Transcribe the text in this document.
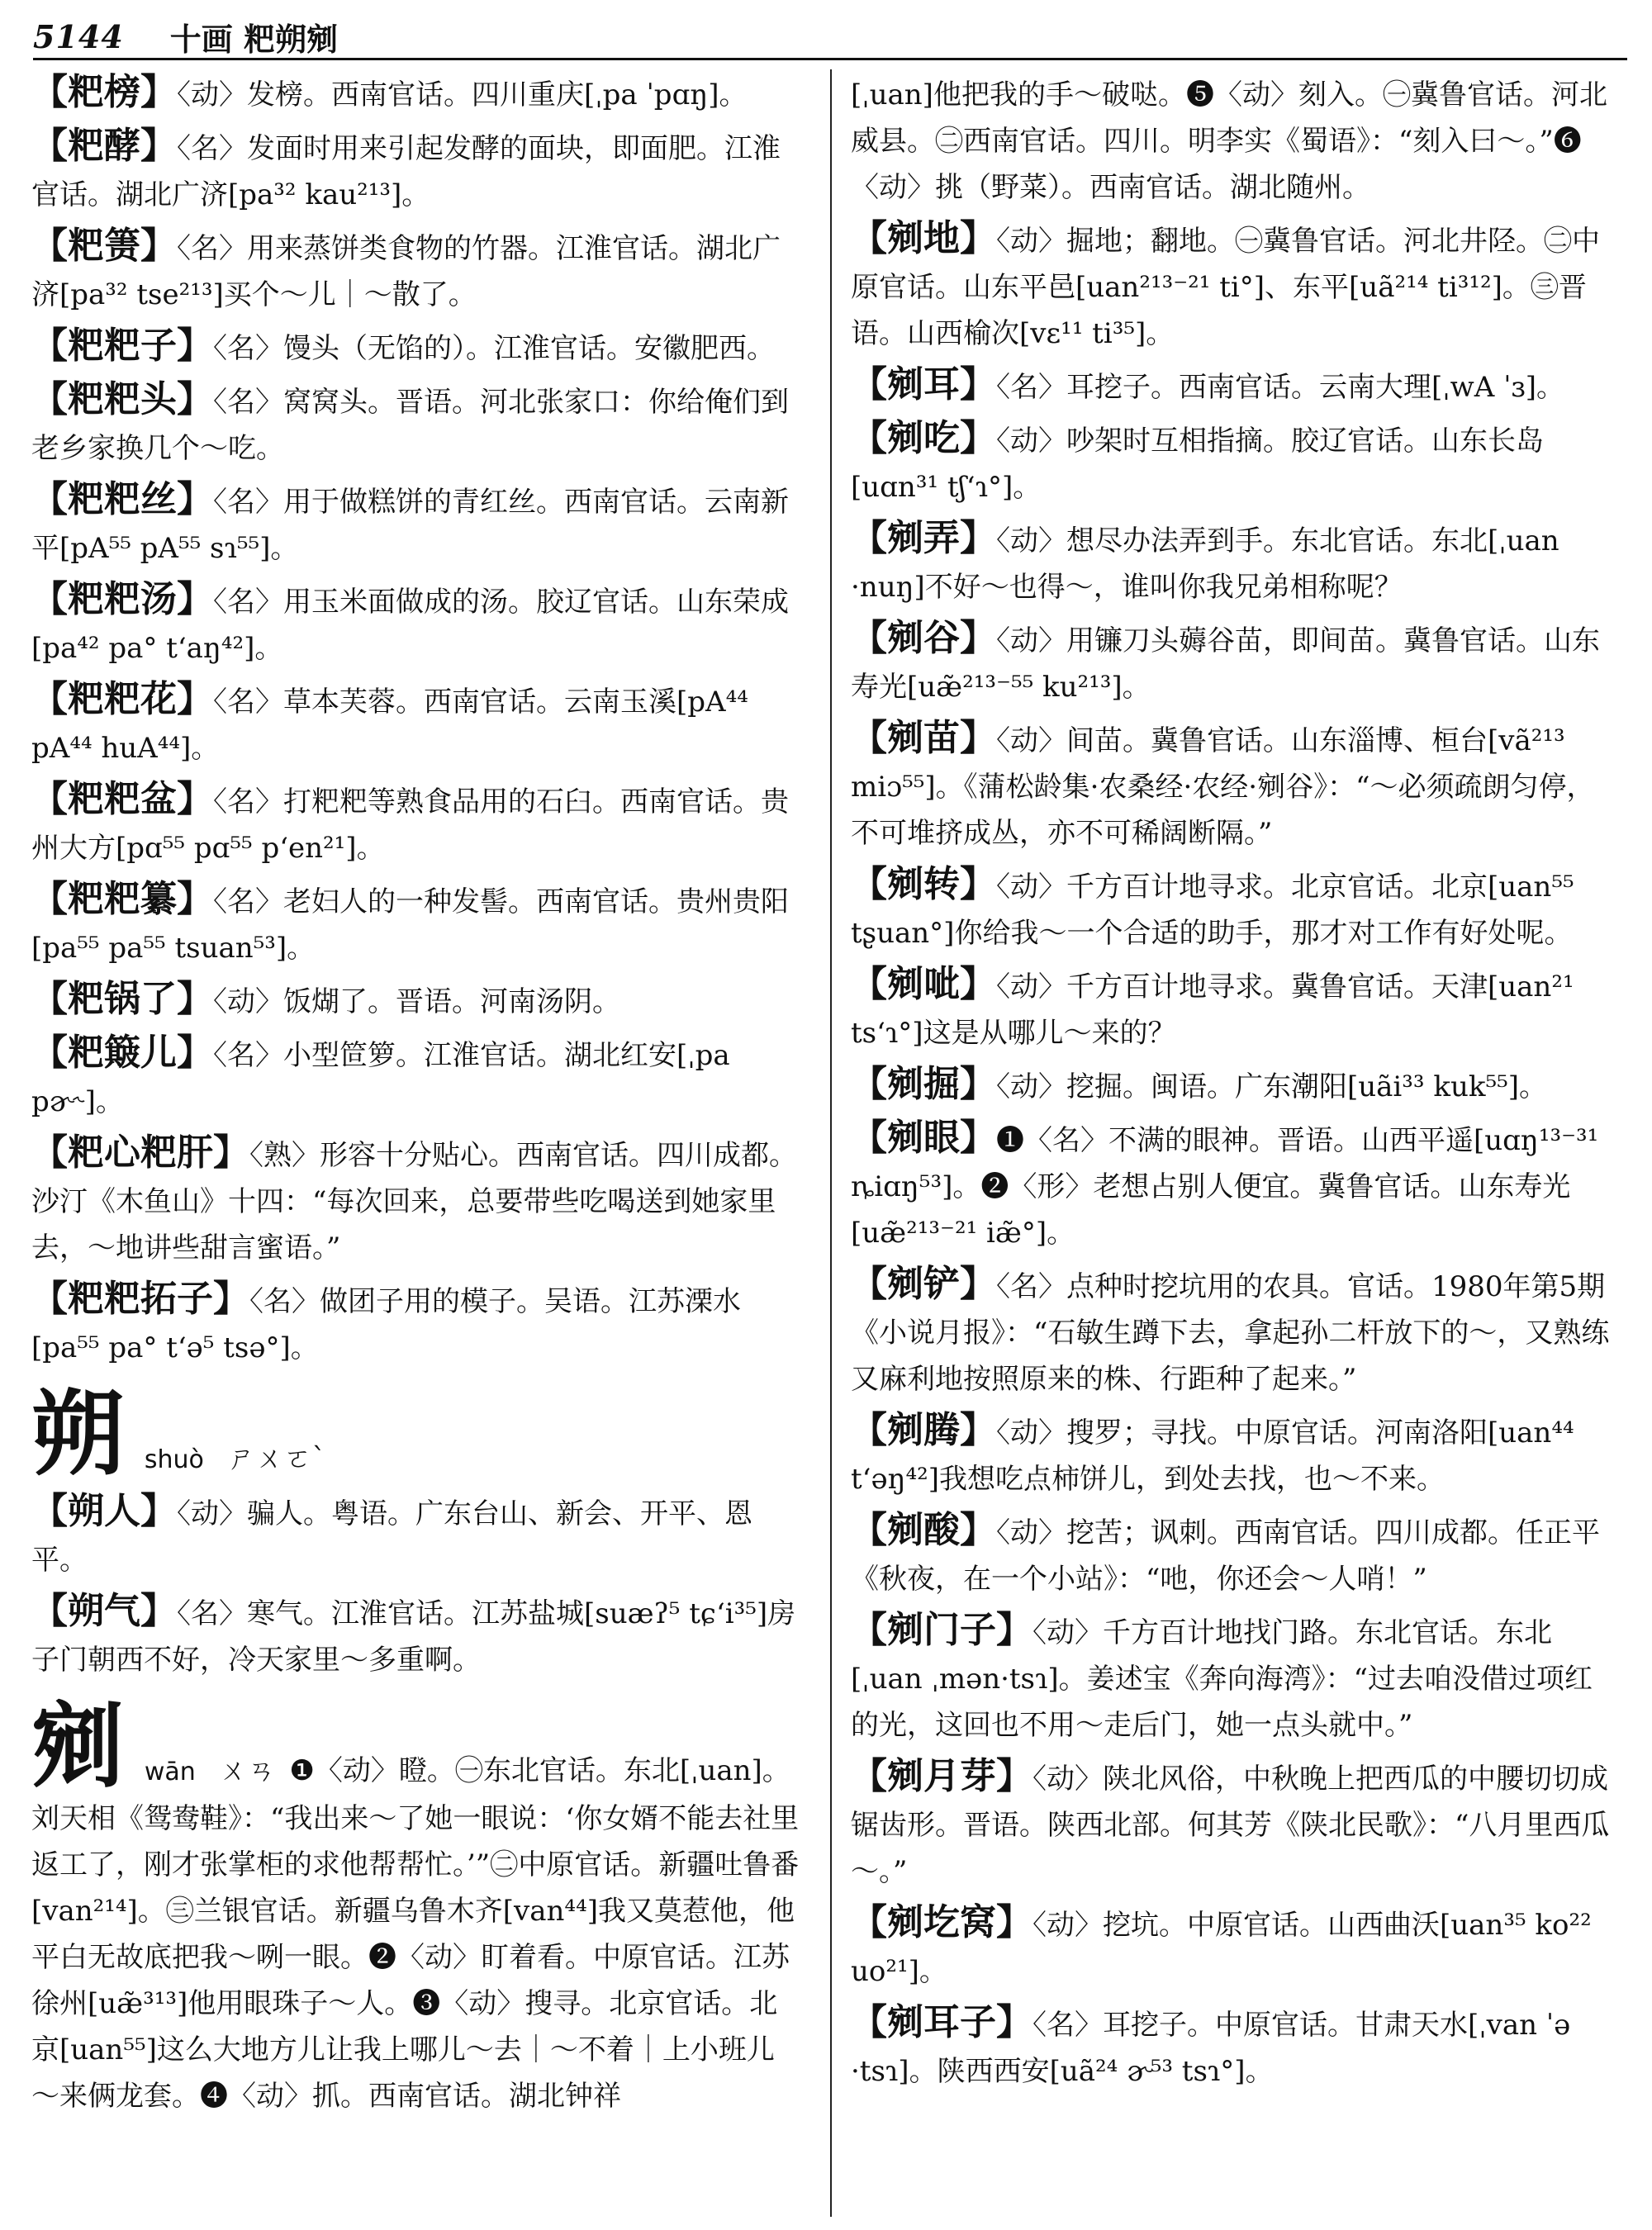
5144 十画 粑朔剜
【粑榜】〈动〉发榜。西南官话。四川重庆[ˌpa ˈpɑŋ]。
【粑酵】〈名〉发面时用来引起发酵的面块，即面肥。江淮官话。湖北广济[pa³² kau²¹³]。
【粑箦】〈名〉用来蒸饼类食物的竹器。江淮官话。湖北广济[pa³² tse²¹³]买个～儿｜～散了。
【粑粑子】〈名〉馒头（无馅的）。江淮官话。安徽肥西。
【粑粑头】〈名〉窝窝头。晋语。河北张家口：你给俺们到老乡家换几个～吃。
【粑粑丝】〈名〉用于做糕饼的青红丝。西南官话。云南新平[pA⁵⁵ pA⁵⁵ sɿ⁵⁵]。
【粑粑汤】〈名〉用玉米面做成的汤。胶辽官话。山东荣成[pa⁴² pa° t‘aŋ⁴²]。
【粑粑花】〈名〉草本芙蓉。西南官话。云南玉溪[pA⁴⁴ pA⁴⁴ huA⁴⁴]。
【粑粑盆】〈名〉打粑粑等熟食品用的石臼。西南官话。贵州大方[pɑ⁵⁵ pɑ⁵⁵ p‘en²¹]。
【粑粑纂】〈名〉老妇人的一种发髻。西南官话。贵州贵阳[pa⁵⁵ pa⁵⁵ tsuan⁵³]。
【粑锅了】〈动〉饭煳了。晋语。河南汤阴。
【粑簸儿】〈名〉小型笸箩。江淮官话。湖北红安[ˌpa pɚ˞]。
【粑心粑肝】〈熟〉形容十分贴心。西南官话。四川成都。沙汀《木鱼山》十四：“每次回来，总要带些吃喝送到她家里去，～地讲些甜言蜜语。”
【粑粑拓子】〈名〉做团子用的模子。吴语。江苏溧水[pa⁵⁵ pa° t‘ə⁵ tsə°]。
朔 shuò ㄕㄨㄛˋ
【朔人】〈动〉骗人。粤语。广东台山、新会、开平、恩平。
【朔气】〈名〉寒气。江淮官话。江苏盐城[suæʔ⁵ tɕ‘i³⁵]房子门朝西不好，冷天家里～多重啊。
剜 wān ㄨㄢ ❶〈动〉瞪。㊀东北官话。东北[ˌuan]。刘天相《鸳鸯鞋》：“我出来～了她一眼说：‘你女婿不能去社里返工了，刚才张掌柜的求他帮帮忙。’”㊁中原官话。新疆吐鲁番[van²¹⁴]。㊂兰银官话。新疆乌鲁木齐[van⁴⁴]我又莫惹他，他平白无故底把我～咧一眼。❷〈动〉盯着看。中原官话。江苏徐州[uæ̃³¹³]他用眼珠子～人。❸〈动〉搜寻。北京官话。北京[uan⁵⁵]这么大地方儿让我上哪儿～去｜～不着｜上小班儿～来俩龙套。❹〈动〉抓。西南官话。湖北钟祥
[ˌuan]他把我的手～破哒。❺〈动〉刻入。㊀冀鲁官话。河北威县。㊁西南官话。四川。明李实《蜀语》：“刻入曰～。”❻〈动〉挑（野菜）。西南官话。湖北随州。
【剜地】〈动〉掘地；翻地。㊀冀鲁官话。河北井陉。㊁中原官话。山东平邑[uan²¹³⁻²¹ ti°]、东平[uã²¹⁴ ti³¹²]。㊂晋语。山西榆次[vɛ¹¹ ti³⁵]。
【剜耳】〈名〉耳挖子。西南官话。云南大理[ˌwA ˈɜ]。
【剜吃】〈动〉吵架时互相指摘。胶辽官话。山东长岛[uɑn³¹ tʃ‘ɿ°]。
【剜弄】〈动〉想尽办法弄到手。东北官话。东北[ˌuan ·nuŋ]不好～也得～，谁叫你我兄弟相称呢？
【剜谷】〈动〉用镰刀头薅谷苗，即间苗。冀鲁官话。山东寿光[uæ̃²¹³⁻⁵⁵ ku²¹³]。
【剜苗】〈动〉间苗。冀鲁官话。山东淄博、桓台[vã²¹³ miɔ⁵⁵]。《蒲松龄集·农桑经·农经·剜谷》：“～必须疏朗匀停，不可堆挤成丛，亦不可稀阔断隔。”
【剜转】〈动〉千方百计地寻求。北京官话。北京[uan⁵⁵ tʂuan°]你给我～一个合适的助手，那才对工作有好处呢。
【剜呲】〈动〉千方百计地寻求。冀鲁官话。天津[uan²¹ ts‘ɿ°]这是从哪儿～来的？
【剜掘】〈动〉挖掘。闽语。广东潮阳[uãi³³ kuk⁵⁵]。
【剜眼】❶〈名〉不满的眼神。晋语。山西平遥[uɑŋ¹³⁻³¹ ȵiɑŋ⁵³]。❷〈形〉老想占别人便宜。冀鲁官话。山东寿光[uæ̃²¹³⁻²¹ iæ̃°]。
【剜铲】〈名〉点种时挖坑用的农具。官话。1980年第5期《小说月报》：“石敏生蹲下去，拿起孙二杆放下的～，又熟练又麻利地按照原来的株、行距种了起来。”
【剜腾】〈动〉搜罗；寻找。中原官话。河南洛阳[uan⁴⁴ t‘əŋ⁴²]我想吃点柿饼儿，到处去找，也～不来。
【剜酸】〈动〉挖苦；讽刺。西南官话。四川成都。任正平《秋夜，在一个小站》：“吔，你还会～人哨！”
【剜门子】〈动〉千方百计地找门路。东北官话。东北[ˌuan ˌmən·tsɿ]。姜述宝《奔向海湾》：“过去咱没借过项红的光，这回也不用～走后门，她一点头就中。”
【剜月芽】〈动〉陕北风俗，中秋晚上把西瓜的中腰切切成锯齿形。晋语。陕西北部。何其芳《陕北民歌》：“八月里西瓜～。”
【剜圪窝】〈动〉挖坑。中原官话。山西曲沃[uan³⁵ ko²² uo²¹]。
【剜耳子】〈名〉耳挖子。中原官话。甘肃天水[ˌvan ˈə ·tsɿ]。陕西西安[uã²⁴ ɚ⁵³ tsɿ°]。
